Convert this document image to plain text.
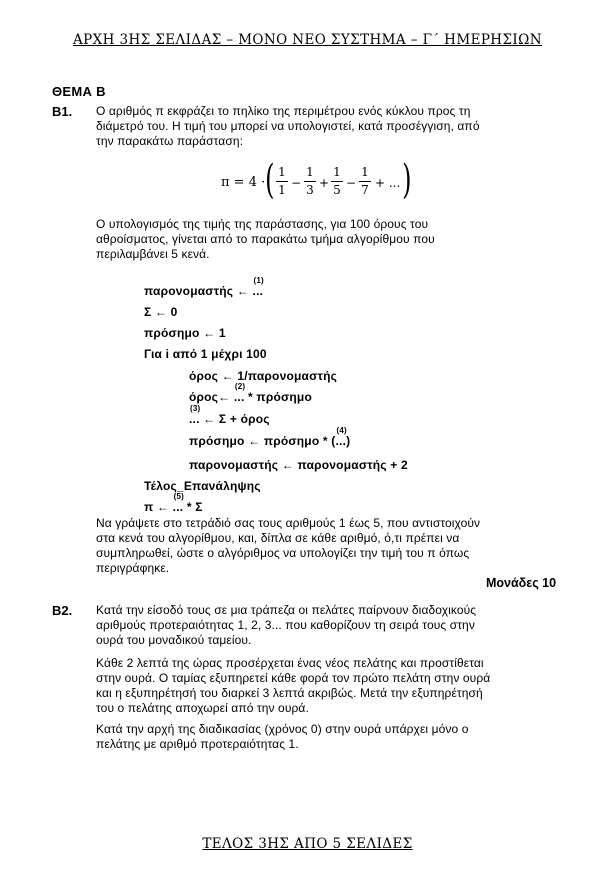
ΑΡΧΗ 3ΗΣ ΣΕΛΙΔΑΣ – ΜΟΝΟ ΝΕΟ ΣΥΣΤΗΜΑ – Γ΄ ΗΜΕΡΗΣΙΩΝ
ΘΕΜΑ Β
Β1. Ο αριθμός π εκφράζει το πηλίκο της περιμέτρου ενός κύκλου προς τη
διάμετρό του. Η τιμή του μπορεί να υπολογιστεί, κατά προσέγγιση, από
την παρακάτω παράσταση:
π = 4 · ( 1
1 −
1
3 +
1
5 −
1
7 + ... )
Ο υπολογισμός της τιμής της παράστασης, για 100 όρους του
αθροίσματος, γίνεται από το παρακάτω τμήμα αλγορίθμου που
περιλαμβάνει 5 κενά.
παρονομαστής ←
(1)
...
Σ ← 0
πρόσημο ← 1
Για i από 1 μέχρι 100
όρος ← 1/παρονομαστής
όρος←
(2)
... * πρόσημο
(3)
... ← Σ + όρος
πρόσημο ← πρόσημο * (
(4)
...)
παρονομαστής ← παρονομαστής + 2
Τέλος_Επανάληψης
π ←
(5)
... * Σ
Να γράψετε στο τετράδιό σας τους αριθμούς 1 έως 5, που αντιστοιχούν
στα κενά του αλγορίθμου, και, δίπλα σε κάθε αριθμό, ό,τι πρέπει να
συμπληρωθεί, ώστε ο αλγόριθμος να υπολογίζει την τιμή του π όπως
περιγράφηκε.
Μονάδες 10
Β2. Κατά την είσοδό τους σε μια τράπεζα οι πελάτες παίρνουν διαδοχικούς
αριθμούς προτεραιότητας 1, 2, 3... που καθορίζουν τη σειρά τους στην
ουρά του μοναδικού ταμείου.
Κάθε 2 λεπτά της ώρας προσέρχεται ένας νέος πελάτης και προστίθεται
στην ουρά. Ο ταμίας εξυπηρετεί κάθε φορά τον πρώτο πελάτη στην ουρά
και η εξυπηρέτησή του διαρκεί 3 λεπτά ακριβώς. Μετά την εξυπηρέτησή
του ο πελάτης αποχωρεί από την ουρά.
Κατά την αρχή της διαδικασίας (χρόνος 0) στην ουρά υπάρχει μόνο ο
πελάτης με αριθμό προτεραιότητας 1.
ΤΕΛΟΣ 3ΗΣ ΑΠΟ 5 ΣΕΛΙΔΕΣ
